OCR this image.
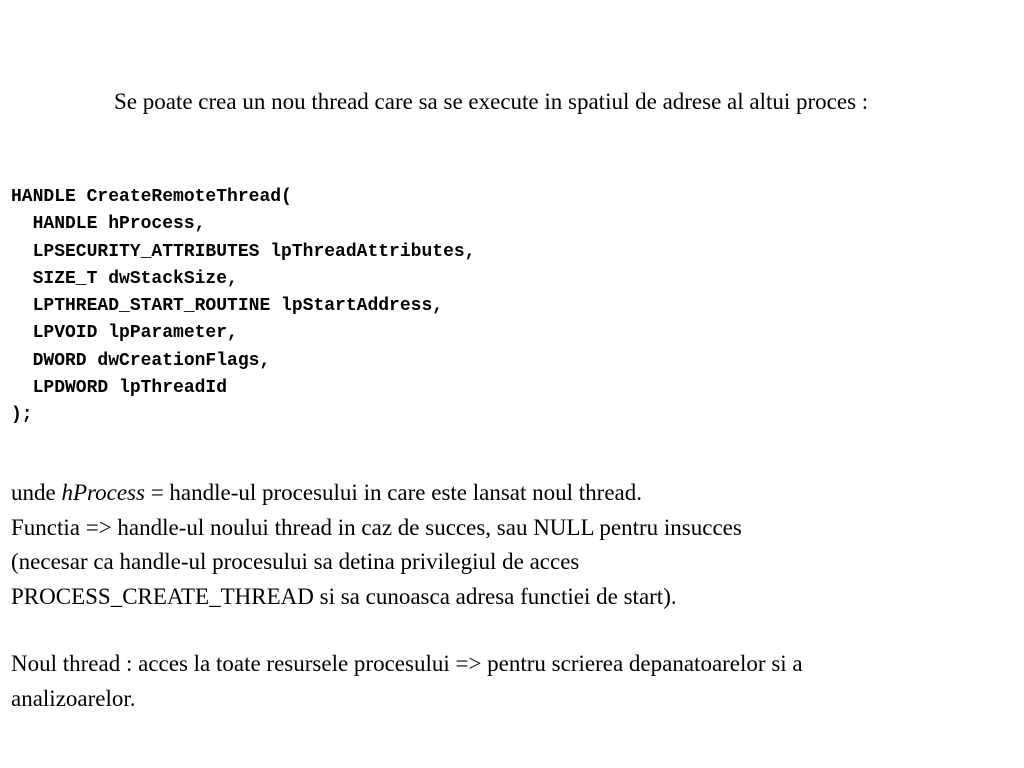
Se poate crea un nou thread care sa se execute in spatiul de adrese al altui proces :

HANDLE CreateRemoteThread(
HANDLE hProcess,
LPSECURITY_ATTRIBUTES lpThreadAttributes,
SIZE_T dwStackSize,
LPTHREAD_START_ROUTINE lpStartAddress,
LPVOID lpParameter,
DWORD dwCreationFlags,
LPDWORD lpThreadId
);
unde hProcess = handle-ul procesului in care este lansat noul thread.
Functia => handle-ul noului thread in caz de succes, sau NULL pentru insucces
(necesar ca handle-ul procesului sa detina privilegiul de acces
PROCESS_CREATE_THREAD si sa cunoasca adresa functiei de start).
Noul thread : acces la toate resursele procesului => pentru scrierea depanatoarelor si a
analizoarelor.
